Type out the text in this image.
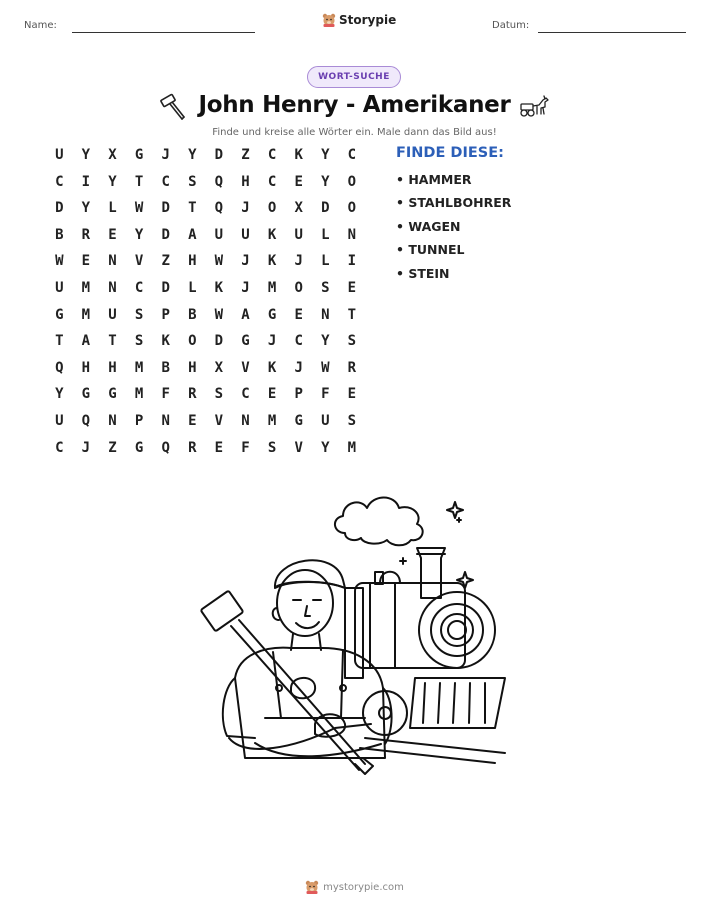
Name:	Storypie	Datum:
WORT-SUCHE
John Henry - Amerikaner
Finde und kreise alle Wörter ein. Male dann das Bild aus!
U	Y	X	G	J	Y	D	Z	C	K	Y	C
C	I	Y	T	C	S	Q	H	C	E	Y	O
D	Y	L	W	D	T	Q	J	O	X	D	O
B	R	E	Y	D	A	U	U	K	U	L	N
W	E	N	V	Z	H	W	J	K	J	L	I
U	M	N	C	D	L	K	J	M	O	S	E
G	M	U	S	P	B	W	A	G	E	N	T
T	A	T	S	K	O	D	G	J	C	Y	S
Q	H	H	M	B	H	X	V	K	J	W	R
Y	G	G	M	F	R	S	C	E	P	F	E
U	Q	N	P	N	E	V	N	M	G	U	S
C	J	Z	G	Q	R	E	F	S	V	Y	M
FINDE DIESE:
• HAMMER
• STAHLBOHRER
• WAGEN
• TUNNEL
• STEIN
mystorypie.com
